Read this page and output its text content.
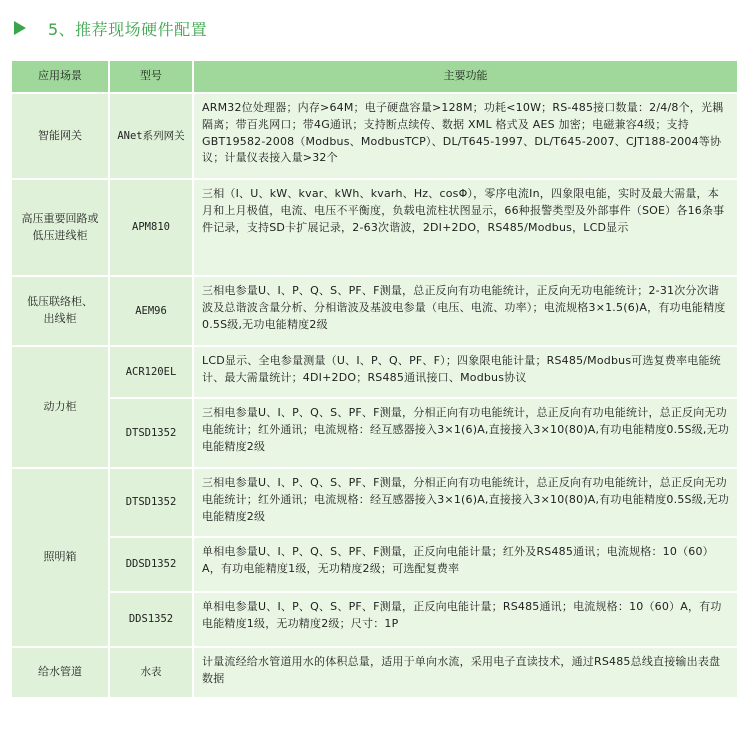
5、推荐现场硬件配置
应用场景	型号	主要功能
智能网关	ANet系列网关	ARM32位处理器；内存>64M；电子硬盘容量>128M；功耗<10W；RS-485接口数量：2/4/8个，光耦隔离；带百兆网口；带4G通讯；支持断点续传、数据 XML 格式及 AES 加密；电磁兼容4级；支持GBT19582-2008（Modbus、ModbusTCP）、DL/T645-1997、DL/T645-2007、CJT188-2004等协议；计量仪表接入量>32个

高压重要回路或低压进线柜	APM810	三相（I、U、kW、kvar、kWh、kvarh、Hz、cosΦ），零序电流In，四象限电能，实时及最大需量，本月和上月极值，电流、电压不平衡度，负载电流柱状图显示，66种报警类型及外部事件（SOE）各16条事件记录，支持SD卡扩展记录，2-63次谐波，2DI+2DO，RS485/Modbus，LCD显示

低压联络柜、出线柜	AEM96	三相电参量U、I、P、Q、S、PF、F测量，总正反向有功电能统计，正反向无功电能统计；2-31次分次谐波及总谐波含量分析、分相谐波及基波电参量（电压、电流、功率）；电流规格3×1.5(6)A，有功电能精度0.5S级,无功电能精度2级
动力柜	ACR120EL	LCD显示、全电参量测量（U、I、P、Q、PF、F）；四象限电能计量；RS485/Modbus可选复费率电能统计、最大需量统计；4DI+2DO；RS485通讯接口、Modbus协议
	DTSD1352	三相电参量U、I、P、Q、S、PF、F测量，分相正向有功电能统计，总正反向有功电能统计，总正反向无功电能统计；红外通讯；电流规格：经互感器接入3×1(6)A,直接接入3×10(80)A,有功电能精度0.5S级,无功电能精度2级
照明箱	DTSD1352	三相电参量U、I、P、Q、S、PF、F测量，分相正向有功电能统计，总正反向有功电能统计，总正反向无功电能统计；红外通讯；电流规格：经互感器接入3×1(6)A,直接接入3×10(80)A,有功电能精度0.5S级,无功电能精度2级
	DDSD1352	单相电参量U、I、P、Q、S、PF、F测量，正反向电能计量；红外及RS485通讯；电流规格：10（60）A，有功电能精度1级，无功精度2级；可选配复费率
	DDS1352	单相电参量U、I、P、Q、S、PF、F测量，正反向电能计量；RS485通讯；电流规格：10（60）A，有功电能精度1级，无功精度2级；尺寸：1P
给水管道	水表	计量流经给水管道用水的体积总量，适用于单向水流，采用电子直读技术，通过RS485总线直接输出表盘数据
